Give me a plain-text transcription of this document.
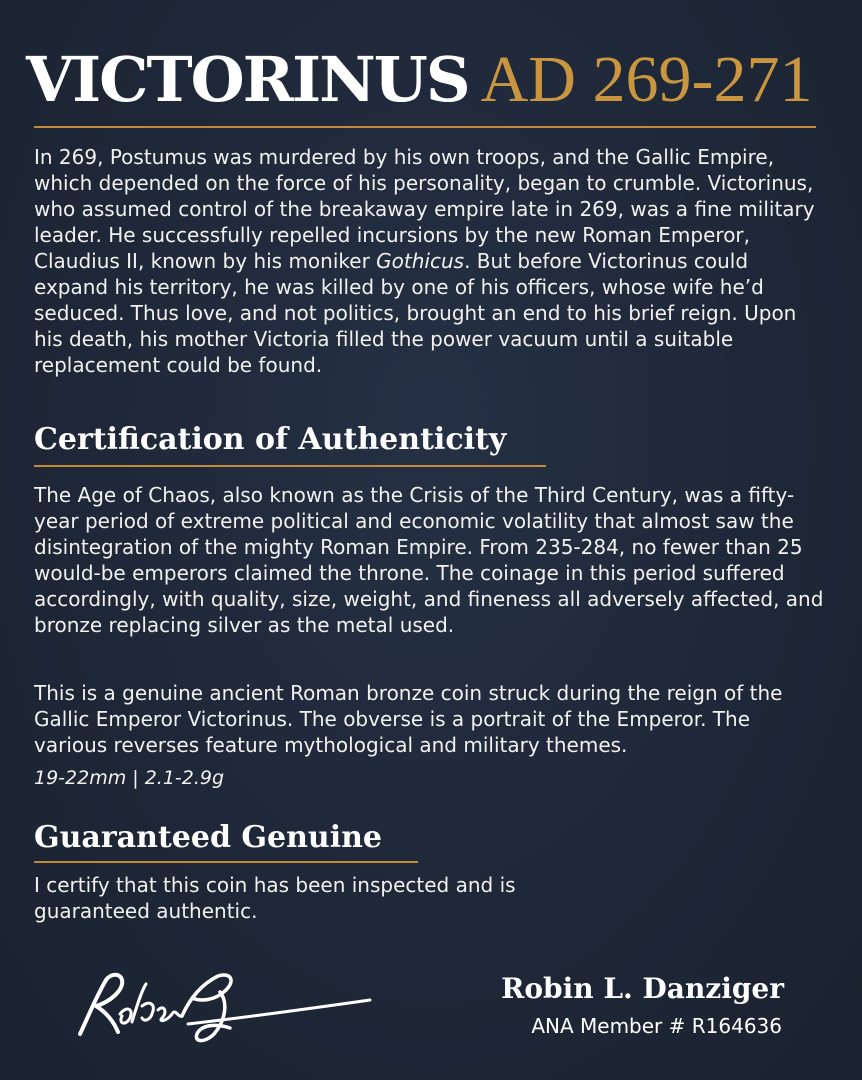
VICTORINUS AD 269-271

In 269, Postumus was murdered by his own troops, and the Gallic Empire, which depended on the force of his personality, began to crumble. Victorinus, who assumed control of the breakaway empire late in 269, was a fine military leader. He successfully repelled incursions by the new Roman Emperor, Claudius II, known by his moniker Gothicus. But before Victorinus could expand his territory, he was killed by one of his officers, whose wife he’d seduced. Thus love, and not politics, brought an end to his brief reign. Upon his death, his mother Victoria filled the power vacuum until a suitable replacement could be found.

Certification of Authenticity

The Age of Chaos, also known as the Crisis of the Third Century, was a fifty-year period of extreme political and economic volatility that almost saw the disintegration of the mighty Roman Empire. From 235-284, no fewer than 25 would-be emperors claimed the throne. The coinage in this period suffered accordingly, with quality, size, weight, and fineness all adversely affected, and bronze replacing silver as the metal used.

This is a genuine ancient Roman bronze coin struck during the reign of the Gallic Emperor Victorinus. The obverse is a portrait of the Emperor. The various reverses feature mythological and military themes.

19-22mm | 2.1-2.9g
Guaranteed Genuine

I certify that this coin has been inspected and is guaranteed authentic.

Robin L. Danziger
ANA Member # R164636
